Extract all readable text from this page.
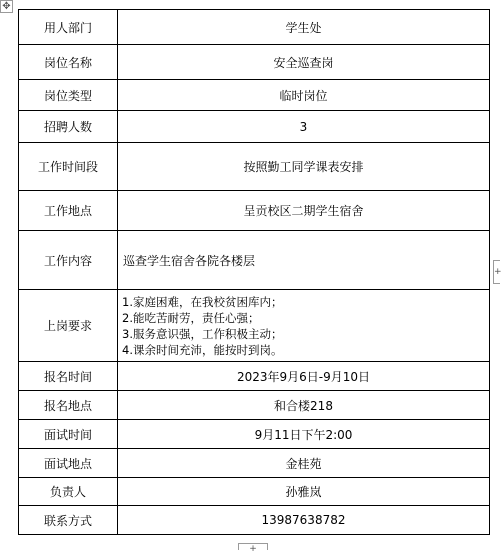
✥
用人部门	学生处
岗位名称	安全巡查岗
岗位类型	临时岗位
招聘人数	3
工作时间段	按照勤工同学课表安排
工作地点	呈贡校区二期学生宿舍
工作内容	巡查学生宿舍各院各楼层
上岗要求	1.家庭困难，在我校贫困库内；
2.能吃苦耐劳，责任心强；
3.服务意识强，工作积极主动；
4.课余时间充沛，能按时到岗。

报名时间	2023年9月6日-9月10日
报名地点	和合楼218
面试时间	9月11日下午2:00
面试地点	金桂苑
负责人	孙雅岚
联系方式	13987638782
+
+
